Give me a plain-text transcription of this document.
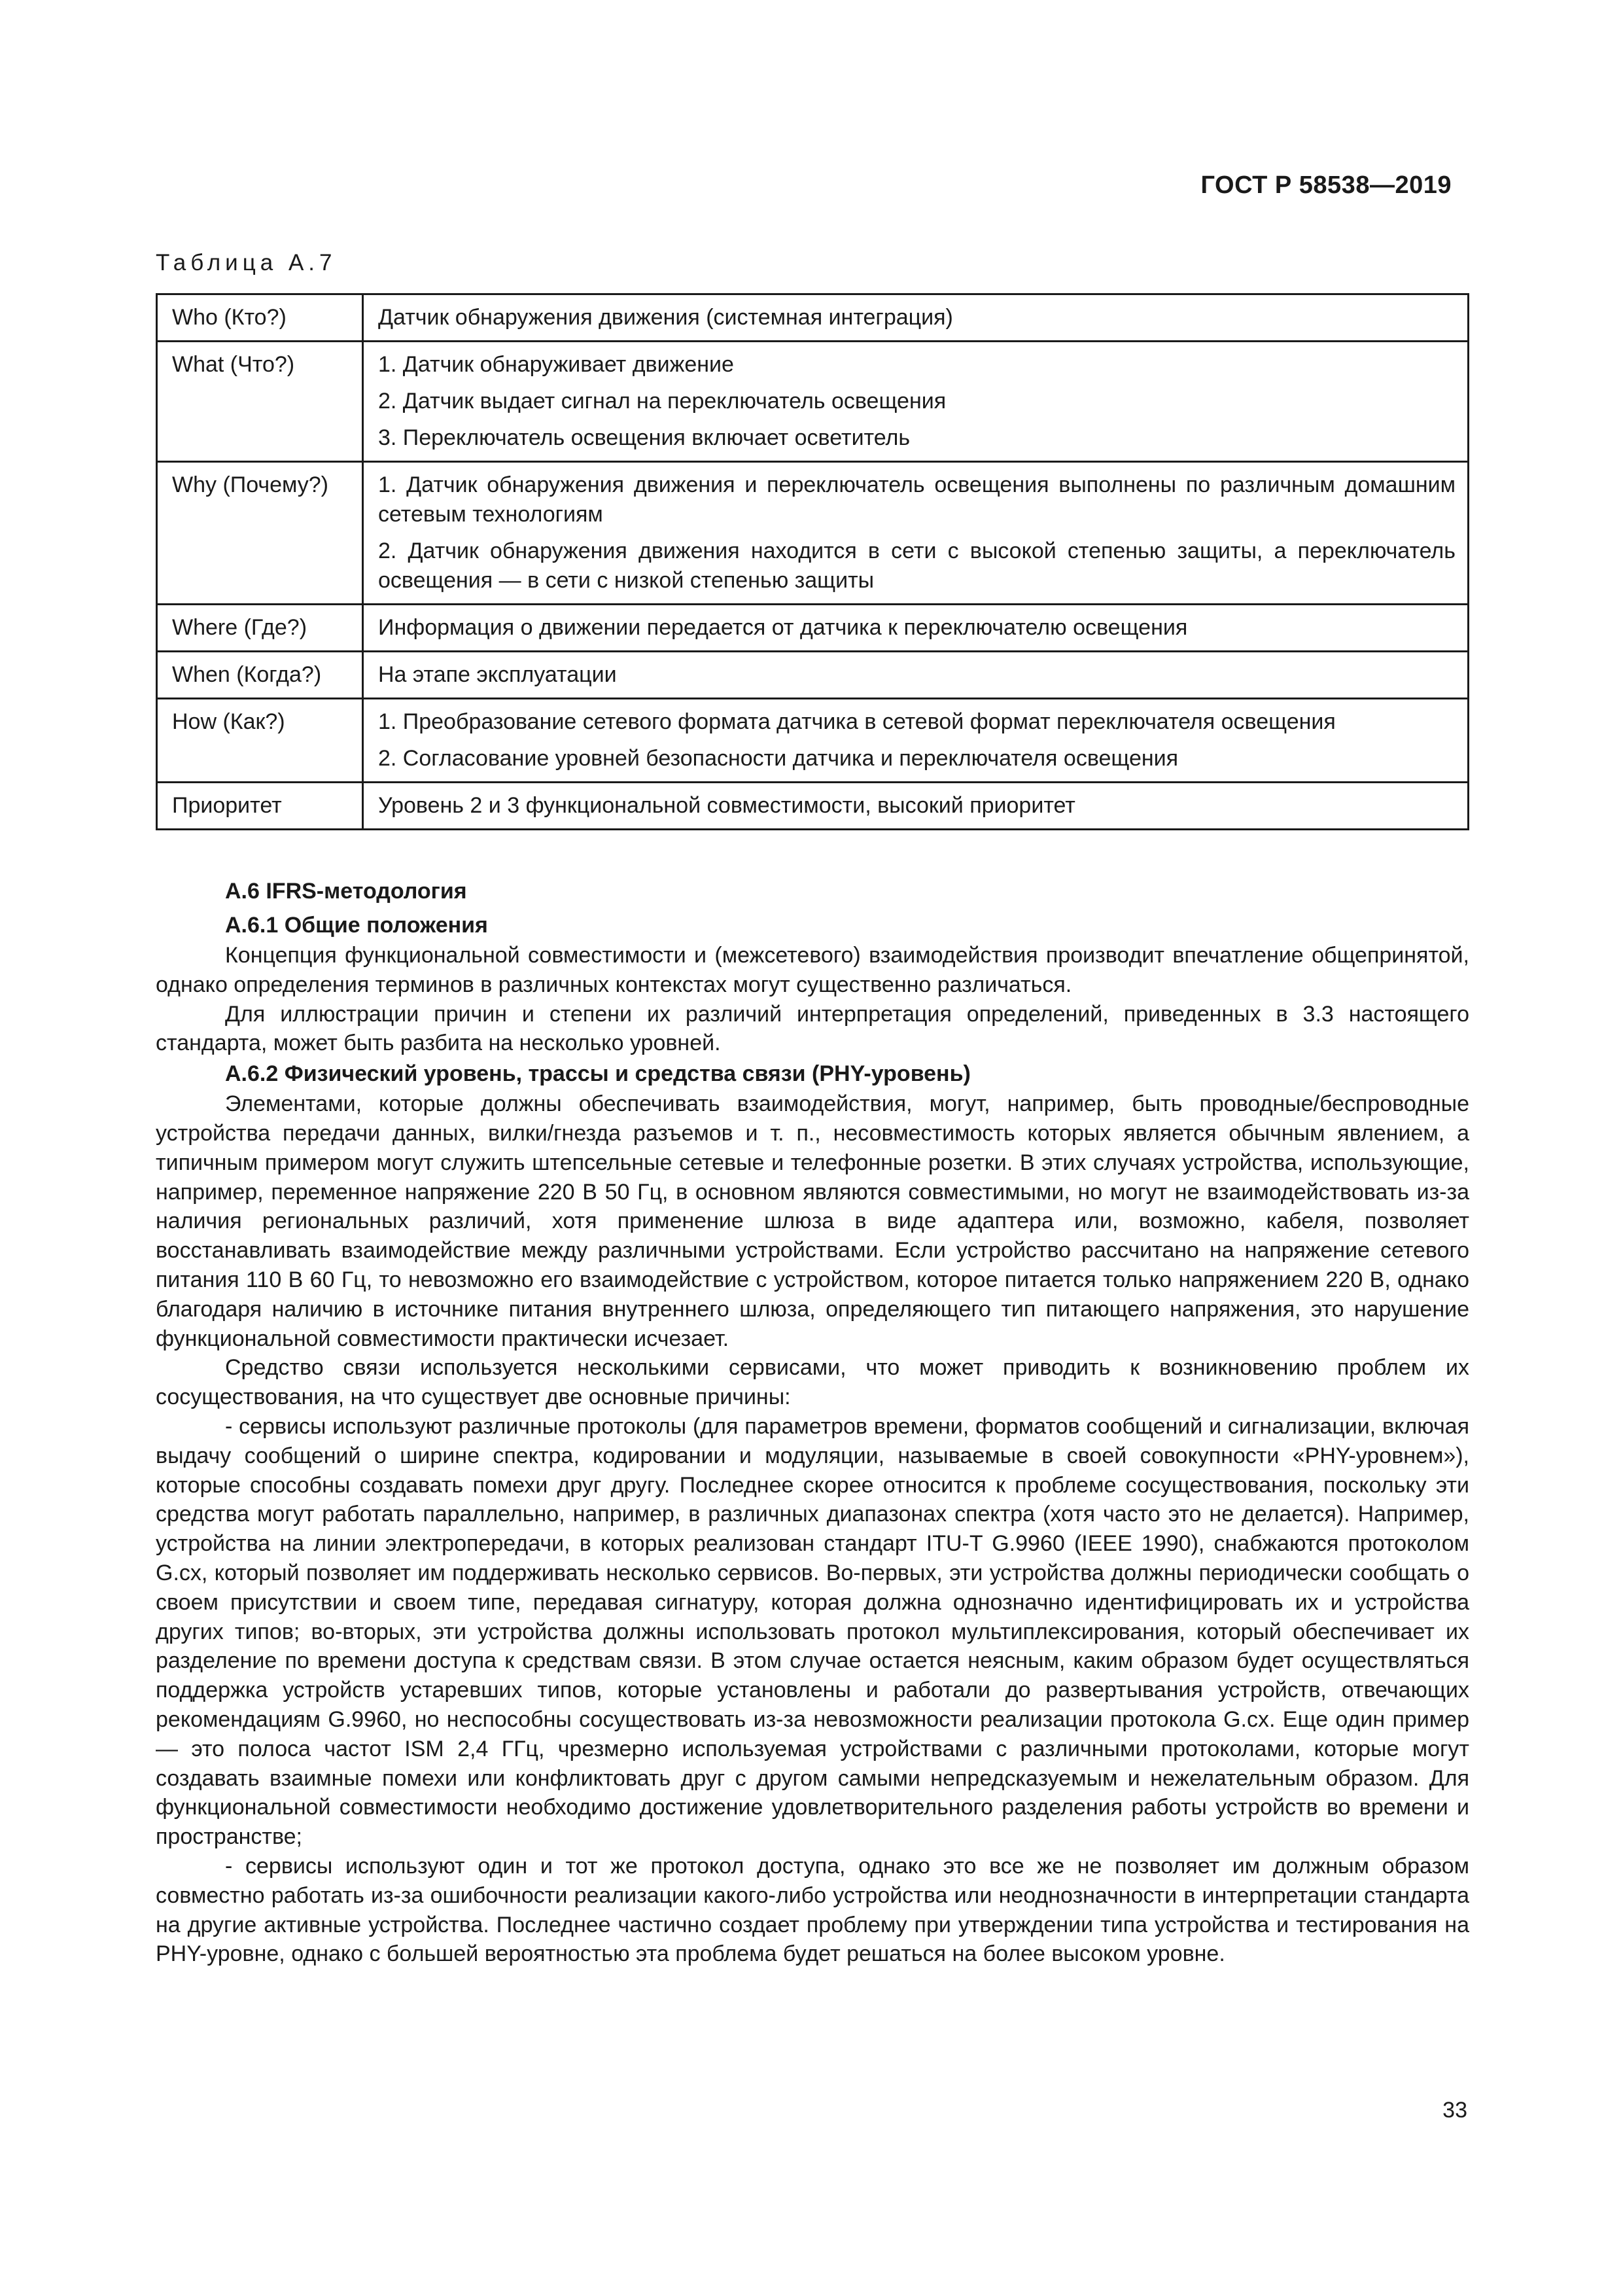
ГОСТ Р 58538—2019
Таблица А.7
Who (Кто?)	Датчик обнаружения движения (системная интеграция)

What (Что?)	1. Датчик обнаруживает движение

2. Датчик выдает сигнал на переключатель освещения

3. Переключатель освещения включает осветитель

Why (Почему?)	1. Датчик обнаружения движения и переключатель освещения выполнены по различным домашним сетевым технологиям

2. Датчик обнаружения движения находится в сети с высокой степенью защиты, а переключатель освещения — в сети с низкой степенью защиты

Where (Где?)	Информация о движении передается от датчика к переключателю освещения

When (Когда?)	На этапе эксплуатации

How (Как?)	1. Преобразование сетевого формата датчика в сетевой формат переключателя освещения

2. Согласование уровней безопасности датчика и переключателя освещения

Приоритет	Уровень 2 и 3 функциональной совместимости, высокий приоритет

А.6 IFRS-методология
А.6.1 Общие положения

Концепция функциональной совместимости и (межсетевого) взаимодействия производит впечатление общепринятой, однако определения терминов в различных контекстах могут существенно различаться.

Для иллюстрации причин и степени их различий интерпретация определений, приведенных в 3.3 настоящего стандарта, может быть разбита на несколько уровней.

А.6.2 Физический уровень, трассы и средства связи (PHY-уровень)

Элементами, которые должны обеспечивать взаимодействия, могут, например, быть проводные/беспроводные устройства передачи данных, вилки/гнезда разъемов и т. п., несовместимость которых является обычным явлением, а типичным примером могут служить штепсельные сетевые и телефонные розетки. В этих случаях устройства, использующие, например, переменное напряжение 220 В 50 Гц, в основном являются совместимыми, но могут не взаимодействовать из-за наличия региональных различий, хотя применение шлюза в виде адаптера или, возможно, кабеля, позволяет восстанавливать взаимодействие между различными устройствами. Если устройство рассчитано на напряжение сетевого питания 110 В 60 Гц, то невозможно его взаимодействие с устройством, которое питается только напряжением 220 В, однако благодаря наличию в источнике питания внутреннего шлюза, определяющего тип питающего напряжения, это нарушение функциональной совместимости практически исчезает.

Средство связи используется несколькими сервисами, что может приводить к возникновению проблем их сосуществования, на что существует две основные причины:

- сервисы используют различные протоколы (для параметров времени, форматов сообщений и сигнализации, включая выдачу сообщений о ширине спектра, кодировании и модуляции, называемые в своей совокупности «PHY-уровнем»), которые способны создавать помехи друг другу. Последнее скорее относится к проблеме сосуществования, поскольку эти средства могут работать параллельно, например, в различных диапазонах спектра (хотя часто это не делается). Например, устройства на линии электропередачи, в которых реализован стандарт ITU-T G.9960 (IEEE 1990), снабжаются протоколом G.cx, который позволяет им поддерживать несколько сервисов. Во-первых, эти устройства должны периодически сообщать о своем присутствии и своем типе, передавая сигнатуру, которая должна однозначно идентифицировать их и устройства других типов; во-вторых, эти устройства должны использовать протокол мультиплексирования, который обеспечивает их разделение по времени доступа к средствам связи. В этом случае остается неясным, каким образом будет осуществляться поддержка устройств устаревших типов, которые установлены и работали до развертывания устройств, отвечающих рекомендациям G.9960, но неспособны сосуществовать из-за невозможности реализации протокола G.cx. Еще один пример — это полоса частот ISM 2,4 ГГц, чрезмерно используемая устройствами с различными протоколами, которые могут создавать взаимные помехи или конфликтовать друг с другом самыми непредсказуемым и нежелательным образом. Для функциональной совместимости необходимо достижение удовлетворительного разделения работы устройств во времени и пространстве;

- сервисы используют один и тот же протокол доступа, однако это все же не позволяет им должным образом совместно работать из-за ошибочности реализации какого-либо устройства или неоднозначности в интерпретации стандарта на другие активные устройства. Последнее частично создает проблему при утверждении типа устройства и тестирования на PHY-уровне, однако с большей вероятностью эта проблема будет решаться на более высоком уровне.

33
